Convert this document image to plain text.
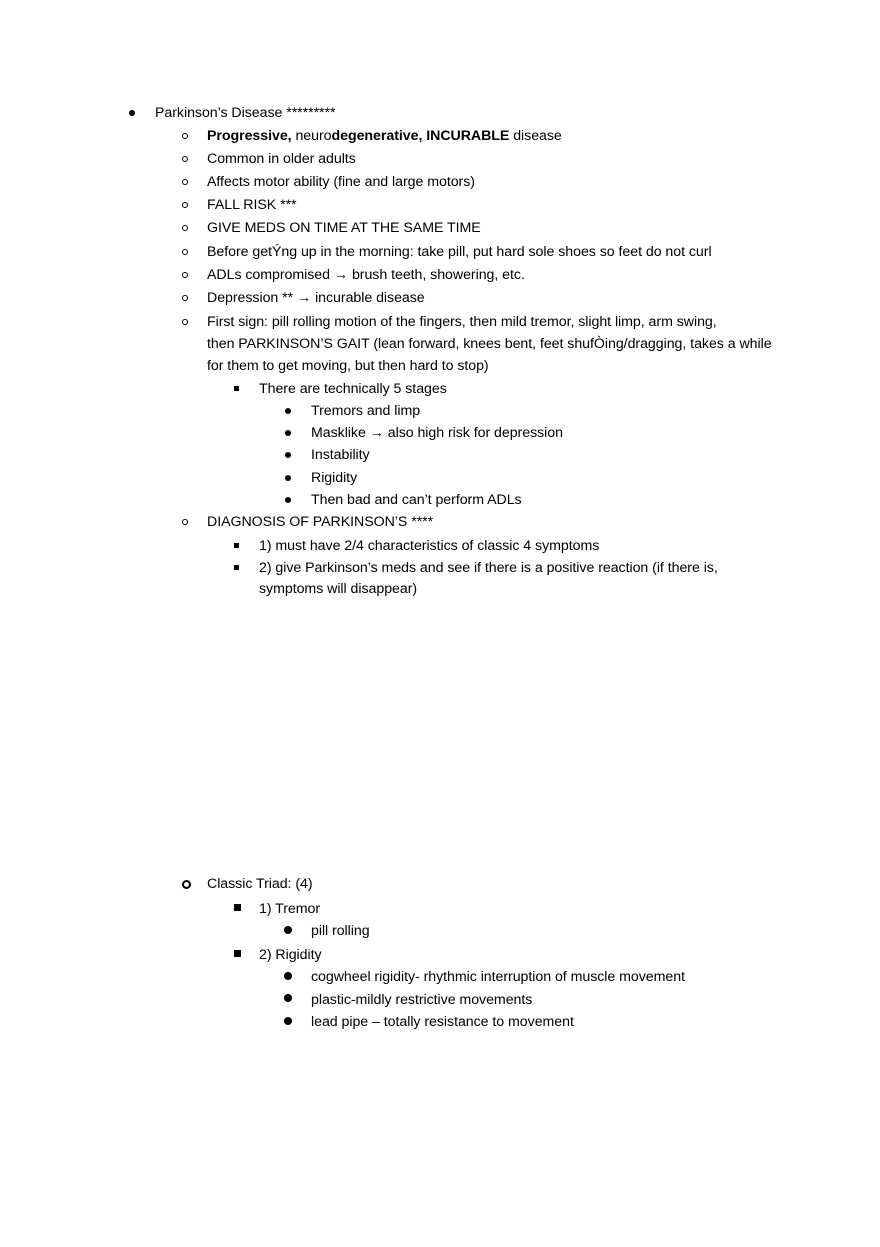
Parkinson’s Disease *********
Progressive, neurodegenerative, INCURABLE disease
Common in older adults
Affects motor ability (fine and large motors)
FALL RISK ***
GIVE MEDS ON TIME AT THE SAME TIME
Before getÝng up in the morning: take pill, put hard sole shoes so feet do not curl
ADLs compromised → brush teeth, showering, etc.
Depression ** → incurable disease
First sign: pill rolling motion of the fingers, then mild tremor, slight limp, arm swing,
then PARKINSON’S GAIT (lean forward, knees bent, feet shufÒing/dragging, takes a while
for them to get moving, but then hard to stop)
There are technically 5 stages
Tremors and limp
Masklike → also high risk for depression
Instability
Rigidity
Then bad and can’t perform ADLs
DIAGNOSIS OF PARKINSON’S ****
1) must have 2/4 characteristics of classic 4 symptoms
2) give Parkinson’s meds and see if there is a positive reaction (if there is,
symptoms will disappear)
Classic Triad: (4)
1) Tremor
pill rolling
2) Rigidity
cogwheel rigidity- rhythmic interruption of muscle movement
plastic-mildly restrictive movements
lead pipe – totally resistance to movement
